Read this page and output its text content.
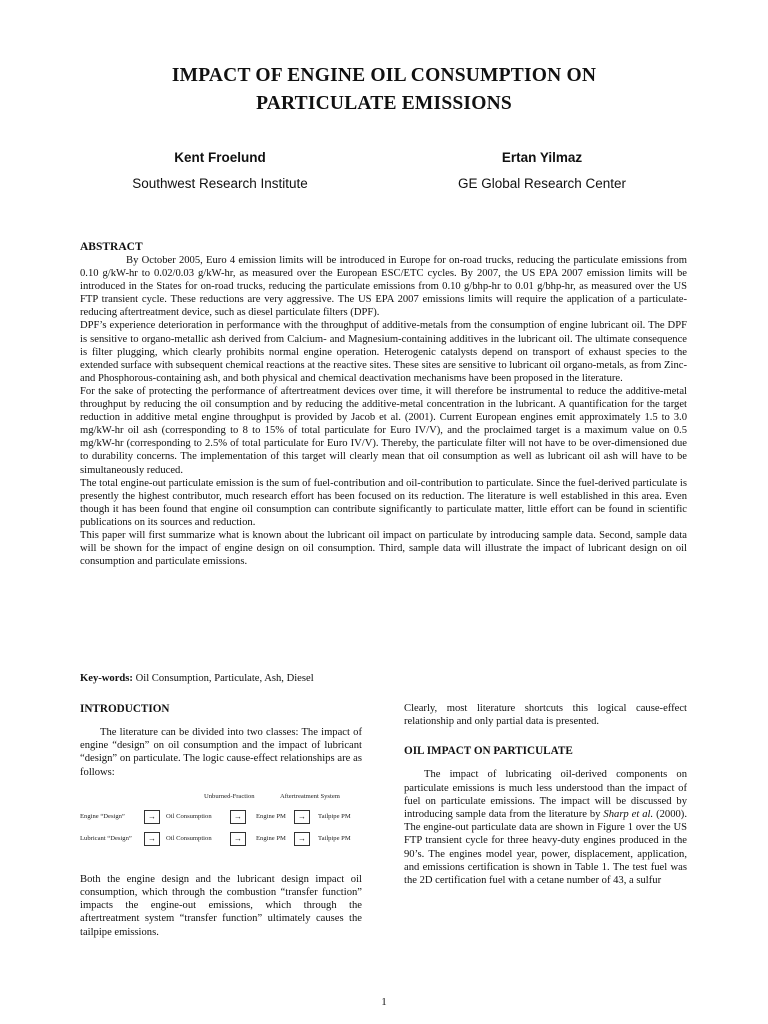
IMPACT OF ENGINE OIL CONSUMPTION ON
PARTICULATE EMISSIONS
Kent Froelund
Southwest Research Institute
Ertan Yilmaz
GE Global Research Center
ABSTRACT

By October 2005, Euro 4 emission limits will be introduced in Europe for on-road trucks, reducing the particulate emissions from 0.10 g/kW-hr to 0.02/0.03 g/kW-hr, as measured over the European ESC/ETC cycles. By 2007, the US EPA 2007 emission limits will be introduced in the States for on-road trucks, reducing the particulate emissions from 0.10 g/bhp-hr to 0.01 g/bhp-hr, as measured over the US FTP transient cycle. These reductions are very aggressive. The US EPA 2007 emissions limits will require the application of a particulate-reducing aftertreatment device, such as diesel particulate filters (DPF).

DPF’s experience deterioration in performance with the throughput of additive-metals from the consumption of engine lubricant oil. The DPF is sensitive to organo-metallic ash derived from Calcium- and Magnesium-containing additives in the lubricant oil. The ultimate consequence is filter plugging, which clearly prohibits normal engine operation. Heterogenic catalysts depend on transport of exhaust species to the extended surface with subsequent chemical reactions at the reactive sites. These sites are sensitive to lubricant oil organo-metals, as from Zinc- and Phosphorous-containing ash, and both physical and chemical deactivation mechanisms have been proposed in the literature.

For the sake of protecting the performance of aftertreatment devices over time, it will therefore be instrumental to reduce the additive-metal throughput by reducing the oil consumption and by reducing the additive-metal concentration in the lubricant. A quantification for the target reduction in additive metal engine throughput is provided by Jacob et al. (2001). Current European engines emit approximately 1.5 to 3.0 mg/kW-hr oil ash (corresponding to 8 to 15% of total particulate for Euro IV/V), and the proclaimed target is a maximum value on 0.5 mg/kW-hr (corresponding to 2.5% of total particulate for Euro IV/V). Thereby, the particulate filter will not have to be over-dimensioned due to durability concerns. The implementation of this target will clearly mean that oil consumption as well as lubricant oil ash will have to be simultaneously reduced.

The total engine-out particulate emission is the sum of fuel-contribution and oil-contribution to particulate. Since the fuel-derived particulate is presently the highest contributor, much research effort has been focused on its reduction. The literature is well established in this area. Even though it has been found that engine oil consumption can contribute significantly to particulate matter, little effort can be found in scientific publications on its sources and reduction.

This paper will first summarize what is known about the lubricant oil impact on particulate by introducing sample data. Second, sample data will be shown for the impact of engine design on oil consumption. Third, sample data will illustrate the impact of lubricant design on oil consumption and particulate emissions.

Key-words: Oil Consumption, Particulate, Ash, Diesel
INTRODUCTION

The literature can be divided into two classes: The impact of engine “design” on oil consumption and the impact of lubricant “design” on particulate. The logic cause-effect relationships are as follows:

Unburned-Fraction	Aftertreatment System
Engine “Design”	→	Oil Consumption	→	Engine PM	→	Tailpipe PM
Lubricant “Design”	→	Oil Consumption	→	Engine PM	→	Tailpipe PM

Both the engine design and the lubricant design impact oil consumption, which through the combustion “transfer function” impacts the engine-out emissions, which through the aftertreatment system “transfer function” ultimately causes the tailpipe emissions.

Clearly, most literature shortcuts this logical cause-effect relationship and only partial data is presented.

OIL IMPACT ON PARTICULATE

The impact of lubricating oil-derived components on particulate emissions is much less understood than the impact of fuel on particulate emissions. The impact will be discussed by introducing sample data from the literature by Sharp et al. (2000). The engine-out particulate data are shown in Figure 1 over the US FTP transient cycle for three heavy-duty engines produced in the 90’s. The engines model year, power, displacement, application, and emissions certification is shown in Table 1. The test fuel was the 2D certification fuel with a cetane number of 43, a sulfur

1
